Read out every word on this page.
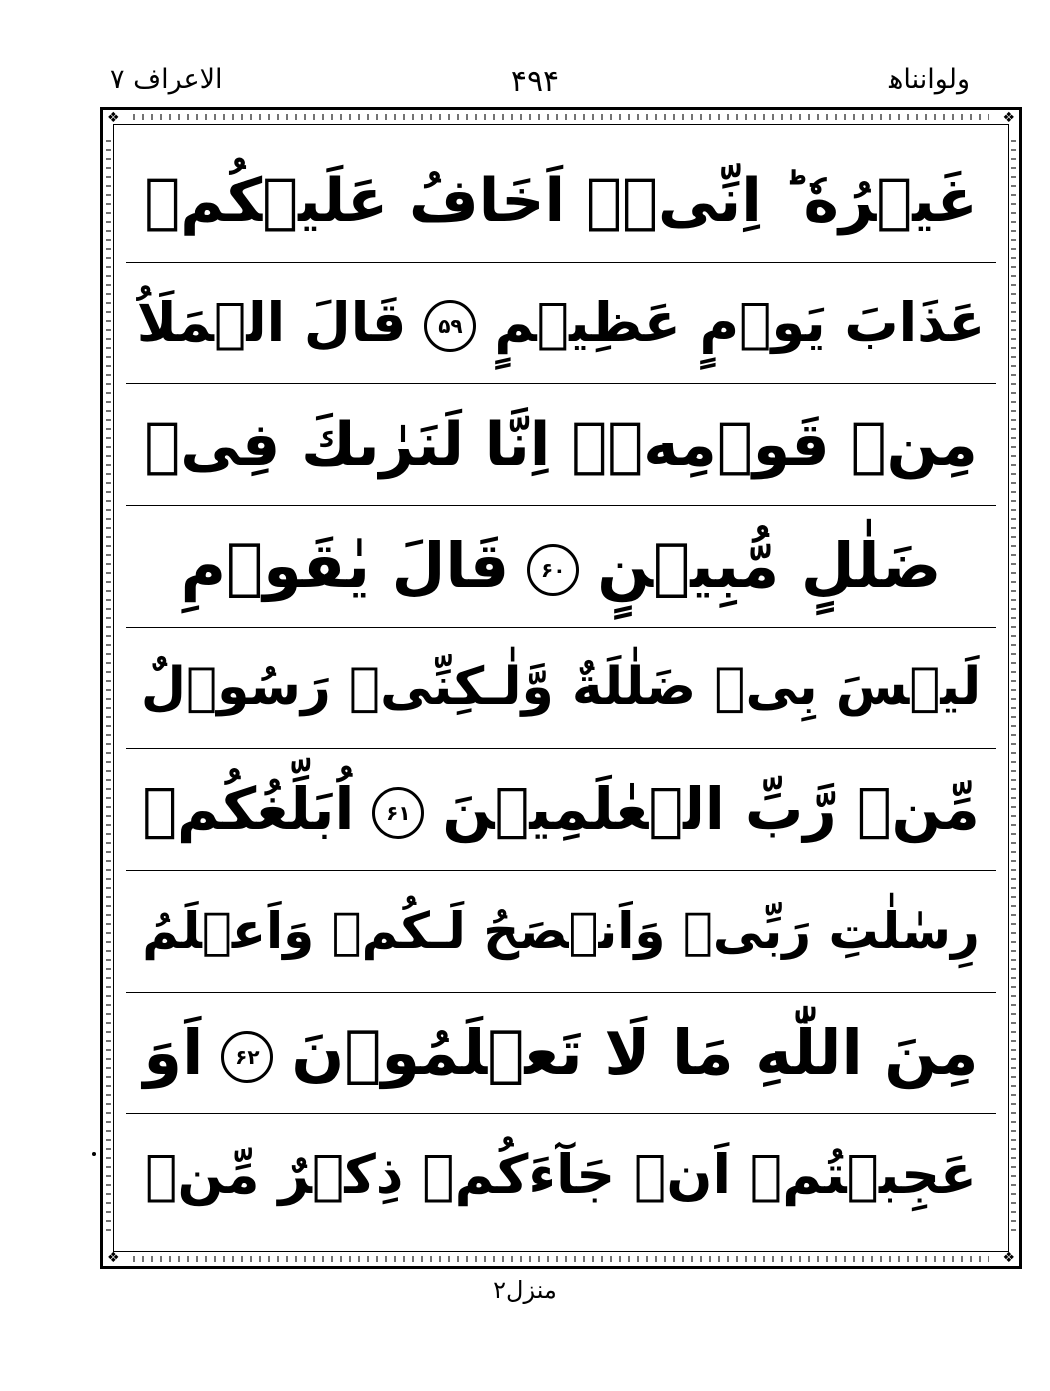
ولوانناﻫ
۴۹۴
الاعراف ۷
❖	❖
❖	❖
غَيۡرُهٗ ؕ اِنِّىۡۤ اَخَافُ عَلَيۡكُمۡ
عَذَابَ يَوۡمٍ عَظِيۡمٍ۵۹قَالَ الۡمَلَاُ
مِنۡ قَوۡمِهٖۤ اِنَّا لَنَرٰٮكَ فِىۡ
ضَلٰلٍ مُّبِيۡنٍ۶۰قَالَ يٰقَوۡمِ
لَيۡسَ بِىۡ ضَلٰلَةٌ وَّلٰـكِنِّىۡ رَسُوۡلٌ
مِّنۡ رَّبِّ الۡعٰلَمِيۡنَ۶۱اُبَلِّغُكُمۡ
رِسٰلٰتِ رَبِّىۡ وَاَنۡصَحُ لَـكُمۡ وَاَعۡلَمُ
مِنَ اللّٰهِ مَا لَا تَعۡلَمُوۡنَ۶۲اَوَ
عَجِبۡتُمۡ اَنۡ جَآءَكُمۡ ذِكۡرٌ مِّنۡ
منزل۲
